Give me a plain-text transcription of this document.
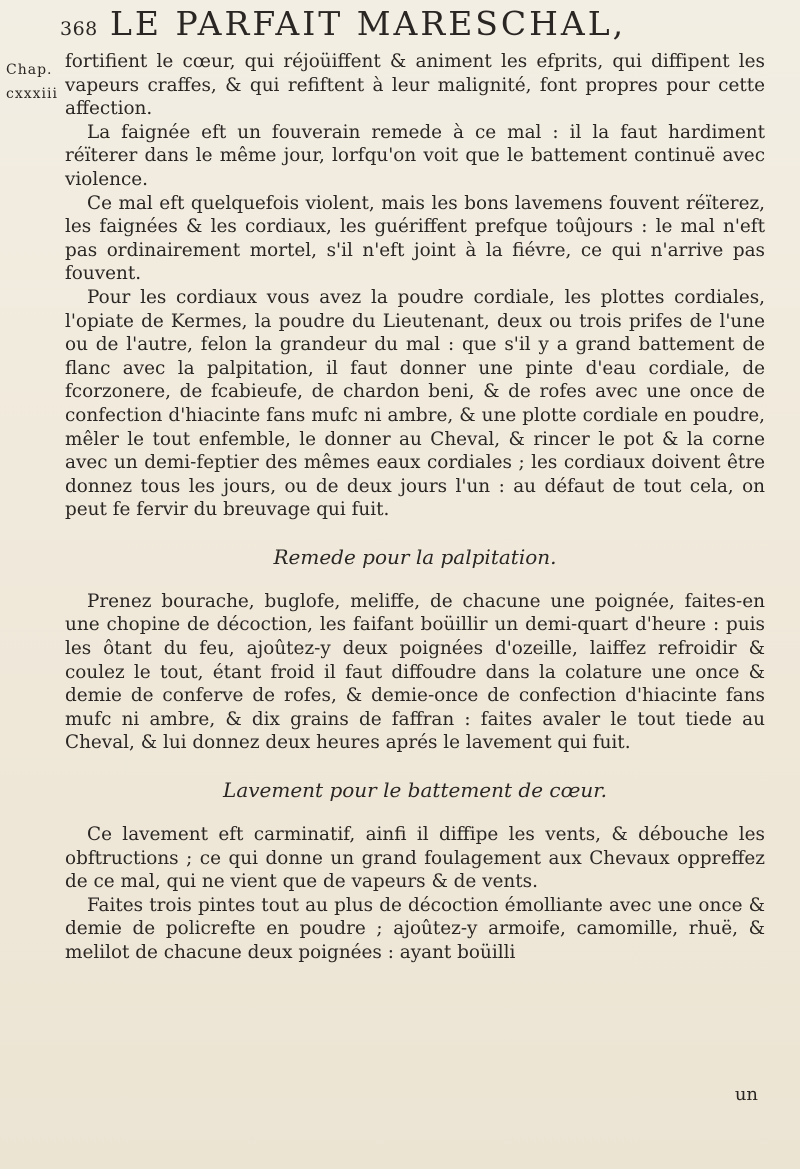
368 LE PARFAIT MARESCHAL,
Chap.
cxxxiii

fortifient le cœur, qui réjoüiffent & animent les efprits, qui diffipent les vapeurs craffes, & qui refiftent à leur malignité, font propres pour cette affection.

La faignée eft un fouverain remede à ce mal : il la faut hardiment réïterer dans le même jour, lorfqu'on voit que le battement continuë avec violence.

Ce mal eft quelquefois violent, mais les bons lavemens fouvent réïterez, les faignées & les cordiaux, les guériffent prefque toûjours : le mal n'eft pas ordinairement mortel, s'il n'eft joint à la fiévre, ce qui n'arrive pas fouvent.

Pour les cordiaux vous avez la poudre cordiale, les plottes cordiales, l'opiate de Kermes, la poudre du Lieutenant, deux ou trois prifes de l'une ou de l'autre, felon la grandeur du mal : que s'il y a grand battement de flanc avec la palpitation, il faut donner une pinte d'eau cordiale, de fcorzonere, de fcabieufe, de chardon beni, & de rofes avec une once de confection d'hiacinte fans mufc ni ambre, & une plotte cordiale en poudre, mêler le tout enfemble, le donner au Cheval, & rincer le pot & la corne avec un demi-feptier des mêmes eaux cordiales ; les cordiaux doivent être donnez tous les jours, ou de deux jours l'un : au défaut de tout cela, on peut fe fervir du breuvage qui fuit.

Remede pour la palpitation.

Prenez bourache, buglofe, meliffe, de chacune une poignée, faites-en une chopine de décoction, les faifant boüillir un demi-quart d'heure : puis les ôtant du feu, ajoûtez-y deux poignées d'ozeille, laiffez refroidir & coulez le tout, étant froid il faut diffoudre dans la colature une once & demie de conferve de rofes, & demie-once de confection d'hiacinte fans mufc ni ambre, & dix grains de faffran : faites avaler le tout tiede au Cheval, & lui donnez deux heures aprés le lavement qui fuit.

Lavement pour le battement de cœur.

Ce lavement eft carminatif, ainfi il diffipe les vents, & débouche les obftructions ; ce qui donne un grand foulagement aux Chevaux oppreffez de ce mal, qui ne vient que de vapeurs & de vents.

Faites trois pintes tout au plus de décoction émolliante avec une once & demie de policrefte en poudre ; ajoûtez-y armoife, camomille, rhuë, & melilot de chacune deux poignées : ayant boüilli

un
